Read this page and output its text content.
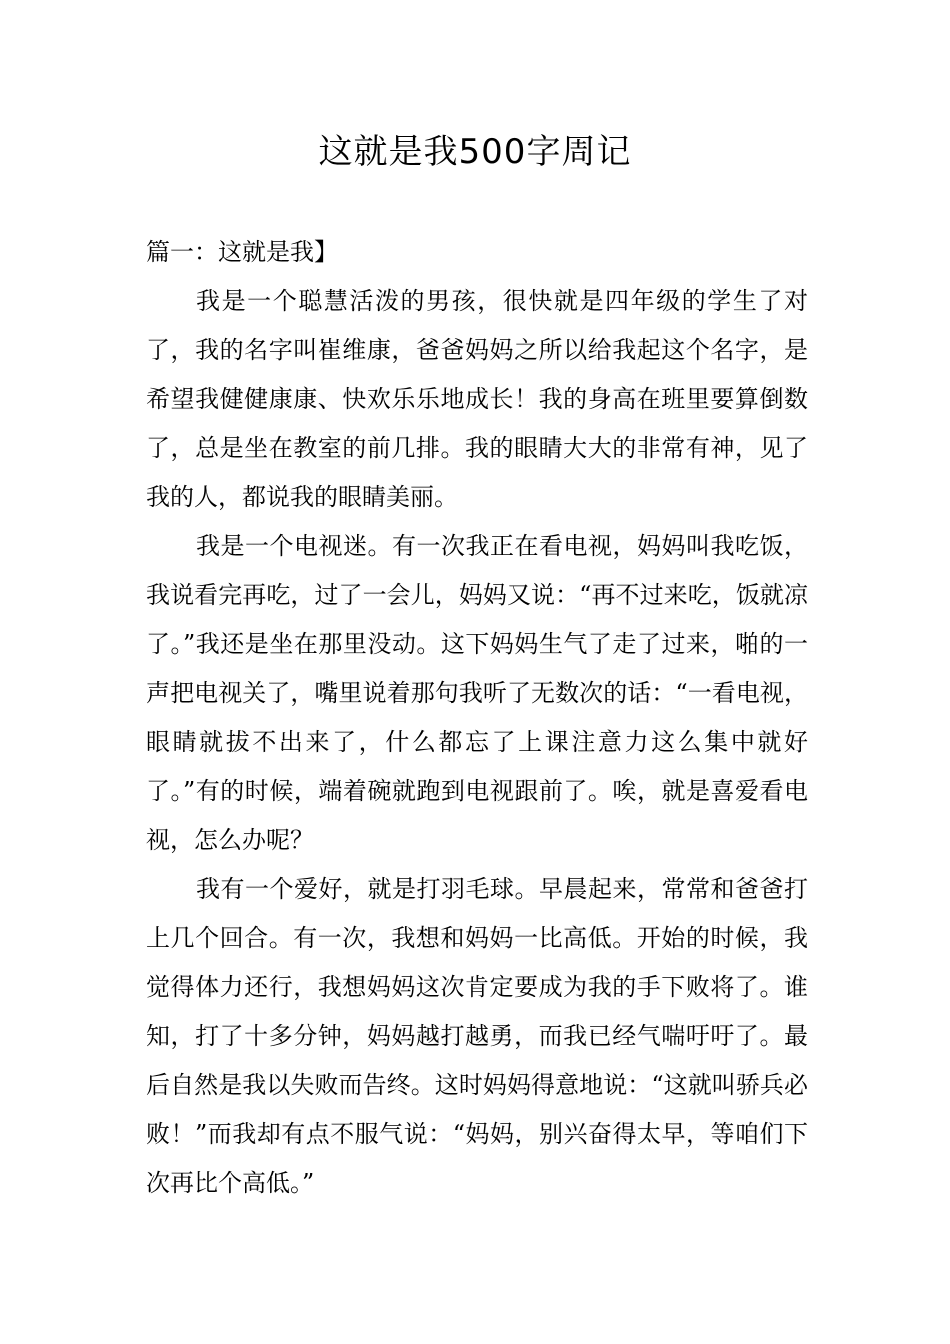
这就是我500字周记

篇一：这就是我】

我是一个聪慧活泼的男孩，很快就是四年级的学生了对了，我的名字叫崔维康，爸爸妈妈之所以给我起这个名字，是希望我健健康康、快欢乐乐地成长！我的身高在班里要算倒数了，总是坐在教室的前几排。我的眼睛大大的非常有神，见了我的人，都说我的眼睛美丽。

我是一个电视迷。有一次我正在看电视，妈妈叫我吃饭，我说看完再吃，过了一会儿，妈妈又说：“再不过来吃，饭就凉了。”我还是坐在那里没动。这下妈妈生气了走了过来，啪的一声把电视关了，嘴里说着那句我听了无数次的话：“一看电视，眼睛就拔不出来了，什么都忘了上课注意力这么集中就好了。”有的时候，端着碗就跑到电视跟前了。唉，就是喜爱看电视，怎么办呢？

我有一个爱好，就是打羽毛球。早晨起来，常常和爸爸打上几个回合。有一次，我想和妈妈一比高低。开始的时候，我觉得体力还行，我想妈妈这次肯定要成为我的手下败将了。谁知，打了十多分钟，妈妈越打越勇，而我已经气喘吁吁了。最后自然是我以失败而告终。这时妈妈得意地说：“这就叫骄兵必败！”而我却有点不服气说：“妈妈，别兴奋得太早，等咱们下次再比个高低。”
